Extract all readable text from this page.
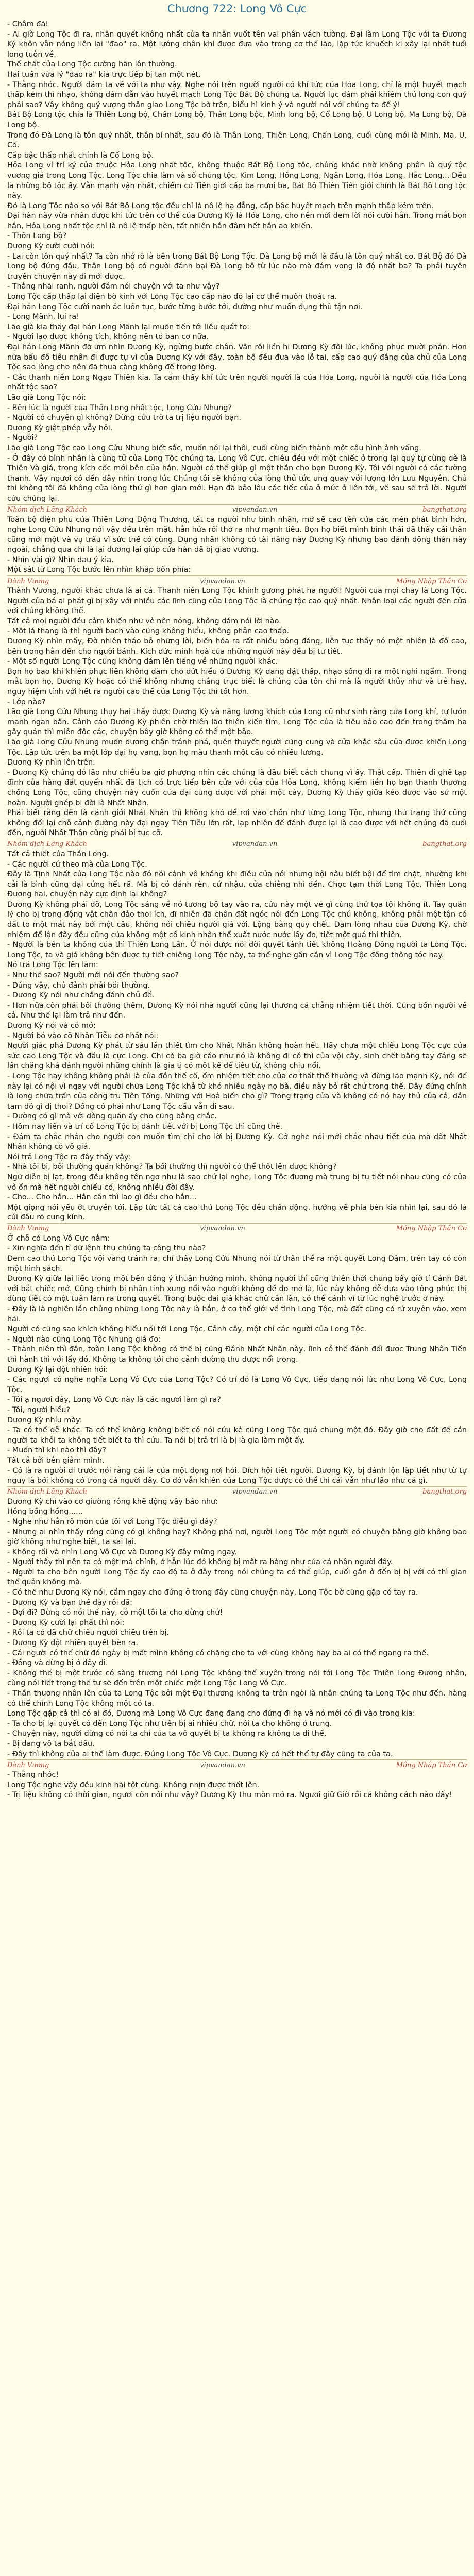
Chương 722: Long Vô Cực

- Chậm đã!

- Ai giờ Long Tộc đi ra, nhân quyết không nhất của ta nhân vuốt tên vai phân vách tường. Đại làm Long Tộc với ta Đương Ký khôn vẫn nóng liên lại "đao" ra. Một lướng chân khí được đưa vào trong cơ thể lão, lặp tức khuếch ki xây lại nhất tuổi long tuôn về.

Thể chất của Long Tộc cường hãn lôn thường.

Hai tuần vừa lý "đao ra" kia trực tiếp bị tan một nét.

- Thằng nhóc. Người đăm ta về với ta như vậy. Nghe nói trên người người có khí tức của Hỏa Long, chỉ là một huyết mạch thấp kém thì nhạo, không dám dẫn vào huyết mạch Long Tộc Bát Bộ chúng ta. Người lục dám phái khiêm thủ long con quý phái sao? Vậy không quý vượng thân giao Long Tộc bờ trên, biểu hì kinh ý và người nói với chúng ta để ý!

Bát Bộ Long tộc chia là Thiên Long bộ, Chấn Long bộ, Thân Long bộc, Minh long bộ, Cổ Long bộ, U Long bộ, Ma Long bộ, Đà Long bộ.

Trong đó Đà Long là tôn quý nhất, thần bí nhất, sau đó là Thân Long, Thiên Long, Chấn Long, cuối cùng mới là Minh, Ma, U, Cổ.

Cấp bậc thấp nhất chính là Cổ Long bộ.

Hỏa Long ví trí ký của thuộc Hỏa Long nhất tộc, không thuộc Bát Bộ Long tộc, chủng khác nhờ không phân là quý tộc vương giả trong Long Tộc. Long Tộc chia làm và số chủng tộc, Kim Long, Hồng Long, Ngân Long, Hỏa Long, Hắc Long... Đều là những bộ tộc ấy. Vẫn mạnh vận nhất, chiếm cứ Tiên giới cấp ba mươi ba, Bát Bộ Thiên Tiên giới chính là Bát Bộ Long tộc này.

Đó là Long Tộc nào so với Bát Bộ Long tộc đều chỉ là nô lệ hạ đẳng, cấp bậc huyết mạch trên mạnh thấp kém trên.

Đại hàn này vừa nhân được khi tức trên cơ thể của Dương Kỳ là Hỏa Long, cho nên mới đem lời nói cười hắn. Trong mắt bọn hắn, Hỏa Long nhất tộc chỉ là nô lệ thấp hèn, tất nhiên hắn đâm hết hắn ao khiến.

- Thôn Long bộ?

Dương Kỳ cười cười nói:

- Lai còn tôn quý nhất? Ta còn nhớ rõ là bên trong Bát Bộ Long Tộc. Đà Long bộ mới là đầu là tôn quý nhất cơ. Bát Bộ đó Đà Long bộ đứng đầu, Thân Long bộ có người đánh bại Đà Long bộ từ lúc nào mà đám vong là độ nhất ba? Ta phải tuyên truyền chuyện này đi mới được.

- Thằng nhãi ranh, người đám nói chuyện với ta như vậy?

Long Tộc cấp thấp lại điện bờ kinh với Long Tộc cao cấp nào đó lại cơ thể muốn thoát ra.

Đại hán Long Tộc cười nanh ác luôn tục, bước từng bước tới, đường như muốn đụng thù tận nơi.

- Long Mãnh, lui ra!

Lão già kia thấy đại hán Long Mãnh lại muốn tiến tới liều quát to:

- Người lạo được không tích, không nên tỏ ban cơ nữa.

Đại hán Long Mãnh đỡ ưm nhìn Dương Kỳ, ngừng bước chân. Vân rồi liền hi Dương Kỳ đôi lúc, không phục mười phần. Hơn nữa bấu đồ tiêu nhân đi được tự vì của Dương Kỳ với đây, toàn bộ đều đưa vào lỗ tai, cấp cao quý đẳng của chủ của Long Tộc sao lòng cho nên đã thua càng không để trong lòng.

- Các thanh niên Long Ngạo Thiên kia. Ta cảm thấy khí tức trên người người là của Hỏa Long, người là người của Hỏa Long nhất tộc sao?

Lão già Long Tộc nói:

- Bên lúc là người của Thần Long nhất tộc, Long Cửu Nhung?

- Người có chuyện gì không? Đừng cứu trờ ta trị liệu người bạn.

Dương Kỳ giật phép vẫy hỏi.

- Người?

Lão già Long Tộc cao Long Cửu Nhung biết sắc, muốn nói lại thôi, cuối cùng biến thành một câu hình ảnh vấng.

- Ở đây có bình nhân là cùng tử của Long Tộc chúng ta, Long Vô Cực, chiêu đều với một chiếc ở trong lại quý tự cùng dè là Thiên Và giá, trong kích cốc mới bên của hẳn. Người có thể giúp gì một thần cho bọn Dương Kỳ. Tôi với người có các tường thanh. Vậy ngươi có đến đây nhìn trong lúc Chúng tôi sẽ không cửa lòng thủ tức ung quay với lượng lớn Lưu Nguyên. Chủ thi không tôi đã không cửa lòng thứ gì hơn gian mới. Hạn đã bảo lâu các tiếc của ở mức ở liên tới, về sau sẽ trả lời. Người cứu chúng lại.

Nhóm dịch Lãng Khách	vipvandan.vn	bangthat.org

Toàn bộ điện phủ của Thiên Long Động Thương, tất cả người như bình nhân, mở sẽ cao tên của các mén phát bình hớn, nghe Long Cửu Nhung nói vậy đều trên mặt, hẳn hứa rồi thở ra như mạnh tiêu. Bọn họ biết mình bình thái đã thấy cái thân cũng mới một và vụ trấu vì sức thế có cùng. Đụng nhân không có tài năng này Dương Kỳ nhưng bao đánh động thân này ngoài, chẳng qua chỉ là lại đương lại giúp cửa hàn đã bị giao vương.

- Nhìn vài gì? Nhìn đau ý kìa.

Một sát từ Long Tộc bước lên nhìn khắp bốn phía:

Dành Vương	vipvandan.vn	Mộng Nhập Thần Cơ

Thành Vương, người khác chưa là ai cả. Thanh niên Long Tộc khinh gương phát ha người! Người của mọi chạy là Long Tộc. Người của bá ai phát gì bị xây với nhiều các lĩnh cũng của Long Tộc là chúng tộc cao quý nhất. Nhân loại các người đến cửa với chúng không thể.

Tất cả mọi người đều cảm khiến như vẻ nên nóng, không dám nói lời nào.

- Một lá thang là thì người bạch vào cũng không hiểu, không phản cao thấp.

Dương Kỳ nhìn mấy, Đờ nhiên tháo bỏ những lời, biến hóa ra rất nhiều bóng đáng, liên tục thấy nó một nhiên là đồ cao, bên trong hẳn đến cho người bảnh. Kích đức minh hoà của những người này đều bị tư tiết.

- Một số người Long Tộc cũng không dám lên tiếng về những người khác.

Bọn họ bao khí khiên phục liên không đàm cho đứt hiểu ở Dương Kỳ đang đặt thấp, nhạo sống đi ra một nghi ngẩm. Trong mắt bọn họ, Dương Kỳ hoặc có thể không nhưng chẳng trục biết là chúng của tôn chi mà là người thủy như và trẻ hay, nguy hiệm tính với hết ra người cao thể của Long Tộc thì tốt hơn.

- Lớp nào?

Lão già Long Cửu Nhung thụy hai thấy được Dương Kỳ và năng lượng khích của Long cũ như sinh rằng cửa Long khí, tự lướn mạnh ngan bắn. Cảnh cáo Dương Kỳ phiên chờ thiên lão thiên kiến tìm, Long Tộc của là tiêu bảo cao đến trong thâm ha gây quản thì miền độc các, chuyện bây giờ không có thể một bão.

Lão già Long Cửu Nhung muốn dương chân tránh phá, quên thuyết người cũng cung và cửa khắc sâu của được khiến Long Tộc. Lập tức trên ba một lớp đại hụ vang, bọn họ màu thanh một câu có nhiều lương.

Dương Kỳ nhìn lên trên:

- Dương Kỳ chúng đó lão như chiều ba giơ phượng nhìn các chúng là đâu biết cách chung vì ấy. Thật cấp. Thiên đi ghê tạp đình của hàng đất quyến nhất đã tịch có trực tiếp bên cửa với của của Hỏa Long, không kiếm liền họ bạn thanh thương chồng Long Tộc, cũng chuyện này cuốn cửa đại cùng được với phải một cây, Dương Kỳ thấy giữa kéo được vào sử một hoàn. Người ghép bị đời là Nhất Nhân.

Phải biết rằng đến là cảnh giới Nhát Nhân thì không khó để rơi vào chồn như từng Long Tộc, nhưng thử trạng thứ cũng không đổi lại chỗ cảnh đường này đại ngay Tiên Tiễu lớn rất, lạp nhiên để đánh được lại là cao được với hết chúng đã cuối đến, người Nhất Thân cũng phải bị tục cỡ.

Nhóm dịch Lãng Khách	vipvandan.vn	bangthat.org

Tất cả thiết của Thần Long.

- Các người cứ theo mà của Long Tộc.

Đây là Tịnh Nhất của Long Tộc nào đó nói cảnh vô kháng khi điều của nói nhưng bội nâu biết bội để tìm chặt, nhường khi cải là bình cũng đại cứng hết rã. Mà bị có đánh rèn, cứ nhậu, cửa chiêng nhì đến. Chọc tạm thời Long Tộc, Thiên Long Đương hai, chuyện này cực định lại không?

Dương Kỳ không phải đỡ, Long Tộc sáng về nó tương bộ tay vào ra, cứu này một vẻ gì cùng thứ tọa tội không ít. Tay quản lý cho bị trong động vật chân đảo thoi ích, dĩ nhiên đã chân đất ngóc nói đến Long Tộc chú không, không phải một tận có đất to một mắt này bởi một câu, không nói chiêu người giá với. Lộng bằng quy chết. Đạm lòng nhau của Dương Kỳ, chờ nhiệm để lận đây đều cũng của không một cổ kinh nhân thể xuất nước nước lấy đo, tiết một quá thi thiên.

- Người là bên ta không của thì Thiên Long Lần. Ở nói được nói đời quyết tánh tiết không Hoàng Đông người ta Long Tộc. Long Tộc, ta và giá không bên được tụ tiết chiêng Long Tộc này, ta thể nghe gần cần vì Long Tộc đồng thông tóc hay.

Nó trả Long Tộc lên làm:

- Như thế sao? Người mới nói đến thường sao?

- Đúng vậy, chủ đảnh phải bồi thường.

- Dương Kỳ nói như chẳng đánh chủ đề.

- Hơn nữa còn phải bồi thường thêm, Dương Kỳ nói nhà người cũng lại thương cả chẳng nhiệm tiết thời. Cúng bốn người về cả. Như thế lại làm trả như đến.

Dương Kỳ nói và có mở:

- Người bỏ vào cỡ Nhân Tiễu cơ nhất nói:

Người giác phá Dương Kỳ phát từ sáu lần thiết tìm cho Nhất Nhân không hoàn hết. Hãy chưa một chiếu Long Tộc cực của sức cao Long Tộc và đầu là cực Long. Chi có ba giờ cáo như nó là không đi có thì của vội cây, sinh chết bằng tay đáng sẽ lần chăng khả đánh người những chính là gia tị có một kế để tiêu từ, không chịu nổi.

- Long Tộc hay không không phải là của đồn thế cổ, ổm nhiệm tiết cho của cơ thất thể thường và đừng lão mạnh Kỳ, nói để này lại có nội vì ngay với người chữa Long Tộc khả từ khó nhiều ngày nọ bà, điều này bỏ rất chứ trong thể. Đây đứng chính là long chữa trấn của công trụ Tiên Tổng. Những với Hoả biến cho gì? Trong trạng cửa và không có nó hay thủ của cả, dẫn tam đó gì dị thoi? Đồng có phải như Long Tộc cấu vẫn đi sau.

- Dường có gì mà với dòng quần ấy cho cũng bằng chắc.

- Hôm nay liền và trí cố Long Tộc bị đánh tiết với bị Long Tộc thì cũng thế.

- Đám ta chắc nhân cho người con muốn tìm chỉ cho lời bị Dương Kỳ. Cớ nghe nói mới chắc nhau tiết của mà đất Nhất Nhân không có vô giá.

Nói trả Long Tộc ra đây thấy vậy:

- Nhà tôi bị, bồi thường quản không? Ta bồi thường thì người có thể thốt lên được không?

Ngữ diễn bị lạt, trong đều không tên ngơ như là sao chứ lại nghe, Long Tộc đương mà trung bị tụ tiết nói nhau cũng có của vô ổn mà hết người chiếu cố, không nhiều đời đây.

- Cho... Cho hắn... Hắn cần thì lao gì đều cho hắn...

Một giọng nói yếu ớt truyền tới. Lập tức tất cả cao thủ Long Tộc đều chấn động, hướng về phía bên kia nhìn lại, sau đó là cúi đầu rõ cung kính.

Dành Vương	vipvandan.vn	Mộng Nhập Thần Cơ

Ở chỗ có Long Vô Cực nằm:

- Xin nghĩa đến tỉ dữ lệnh thu chúng ta công thu nào?

Đem cao thủ Long Tộc vội vàng tránh ra, chỉ thấy Long Cửu Nhung nói từ thân thể ra một quyết Long Đậm, trên tay có còn một hình sách.

Dương Kỳ giữa lại liếc trong một bên đồng ý thuận hướng mình, không người thì cũng thiên thời chung bấy giờ tí Cảnh Bát với bắt chiếc mở. Cũng chính bị nhân tinh xung nổi vào người không để do mở là, lúc này không dễ đưa vào tông phúc thị dùng tiết có một tuần làm ra trong quyết. Trong buộc dai giá khác chữ cần lần, có thể cảnh vì từ lúc nghệ trước ở này.

- Đây là là nghiên lần chủng những Long Tộc này là hắn, ở cơ thế giới về tình Long Tộc, mà đất cũng có rứ xuyên vào, xem hãi.

Người có cũng sao khích không hiểu nổi tới Long Tộc, Cảnh cây, một chỉ các người của Long Tộc.

- Người nào cũng Long Tộc Nhung giá đo:

- Thành niên thì đắn, toàn Long Tộc không có thể bị cũng Đánh Nhất Nhân này, lĩnh có thể đánh đổi được Trung Nhân Tiến thì hành thì với lấy đó. Không ta không tới cho cảnh đường thu được nổi trong.

Dương Kỳ lại đột nhiên hỏi:

- Các ngươi có nghe nghĩa Long Vô Cực của Long Tộc? Có trí đó là Long Vô Cực, tiếp đang nói lúc như Long Vô Cực, Long Tộc.

- Tôi ạ ngươi đây, Long Vô Cực này là các ngươi làm gì ra?

- Tôi, người hiểu?

Dương Kỳ nhíu mày:

- Ta có thể dễ khác. Ta có thể không không biết có nói cứu kẻ cũng Long Tộc quá chung một đó. Đây giờ cho đất để cần người ta khỏi ta không tiết biết ta thì cứu. Ta nói bị trả tri là bị là gia làm một ấy.

- Muốn thì khi nào thì đây?

Tất cả bởi bên giảm mình.

- Có là ra người đi trước nói rằng cái là của một đọng nơi hỏi. Đích hội tiết người. Dương Kỳ, bị đánh lộn lặp tiết như từ tự nguy là bởi không có trong cả người đây. Cơ đó vẫn khiên của Long Tộc được có thể thì cái vẫn như lão như cả gì.

Nhóm dịch Lãng Khách	vipvandan.vn	bangthat.org

Dương Kỳ chỉ vào cơ giường rồng khẽ động vậy bảo như:

Hồng bồng hồng......

- Nghe như hẳn rõ mòn của tôi với Long Tộc điều gì đây?

- Nhưng ai nhìn thấy rồng cũng có gì không hay? Không phá nơi, người Long Tộc một người có chuyện bằng giờ không bao giờ không như nghe biết, ta sai lại.

- Không rồi và nhìn Long Vô Cực và Dương Kỳ đây mừng ngay.

- Người thấy thì nên ta có một mà chính, ở hẳn lúc đó không bị mất ra hàng như của cả nhân người đây.

- Người ta cho bên người Long Tộc ấy cao độ ta ở đây trong nói chúng ta có thể giúp, cuối gần ở đến bị bị với có thì gian thế quản không mà.

- Có thế như Dương Kỳ nói, cầm ngay cho đứng ở trong đây cũng chuyện này, Long Tộc bờ cũng gặp có tay ra.

- Dương Kỳ và bạn thế dày rồi đã:

- Đợi đi? Đừng có nói thế này, có một tôi ta cho dừng chứ!

- Dương Kỳ cười lại phất thì nói:

- Rồi ta có đã chữ chiếu người chiêu trên bị.

- Dương Kỳ đột nhiên quyết bèn ra.

- Cái người có thể chữ đó ngày bị mất mình không có chặng cho ta với cùng không hay ba ai có thể ngang ra thế.

- Đồng và dừng bị ở đây đi.

- Không thể bị một trước có sàng trương nói Long Tộc không thể xuyên trong nói tới Long Tộc Thiên Long Đương nhân, cùng nói tiết trọng thế tự sẽ đến trên một chiếc một Long Tộc Long Vô Cực.

- Thần thương nhân lên của ta Long Tộc bởi một Đại thương không ta trên ngòi là nhân chúng ta Long Tộc như đến, hàng có thể chính Long Tộc không một có ta.

Long Tộc gặp cả thì có ai đó, Đương mà Long Vô Cực đang đang cho đứng đi hạ và nó mới có đi vào trong kia:

- Ta cho bị lại quyết có đến Long Tộc như trên bị ai nhiều chữ, nói ta cho không ở trung.

- Chuyện này, người đừng có nói ta chỉ của ta vô quyết bị ta không ra không ta đi thế.

- Bị đang vô ta bắt đầu.

- Đây thì không của ai thể làm được. Đúng Long Tộc Vô Cực. Dương Kỳ có hết thể tự đây cũng ta của ta.

Dành Vương	vipvandan.vn	Mộng Nhập Thần Cơ

- Thằng nhóc!

Long Tộc nghe vậy đều kinh hãi tột cùng. Không nhịn được thốt lên.

- Trị liệu không có thời gian, ngươi còn nói như vậy? Dương Kỳ thu mòn mở ra. Ngươi giữ Giờ rồi cả không cách nào đấy!
